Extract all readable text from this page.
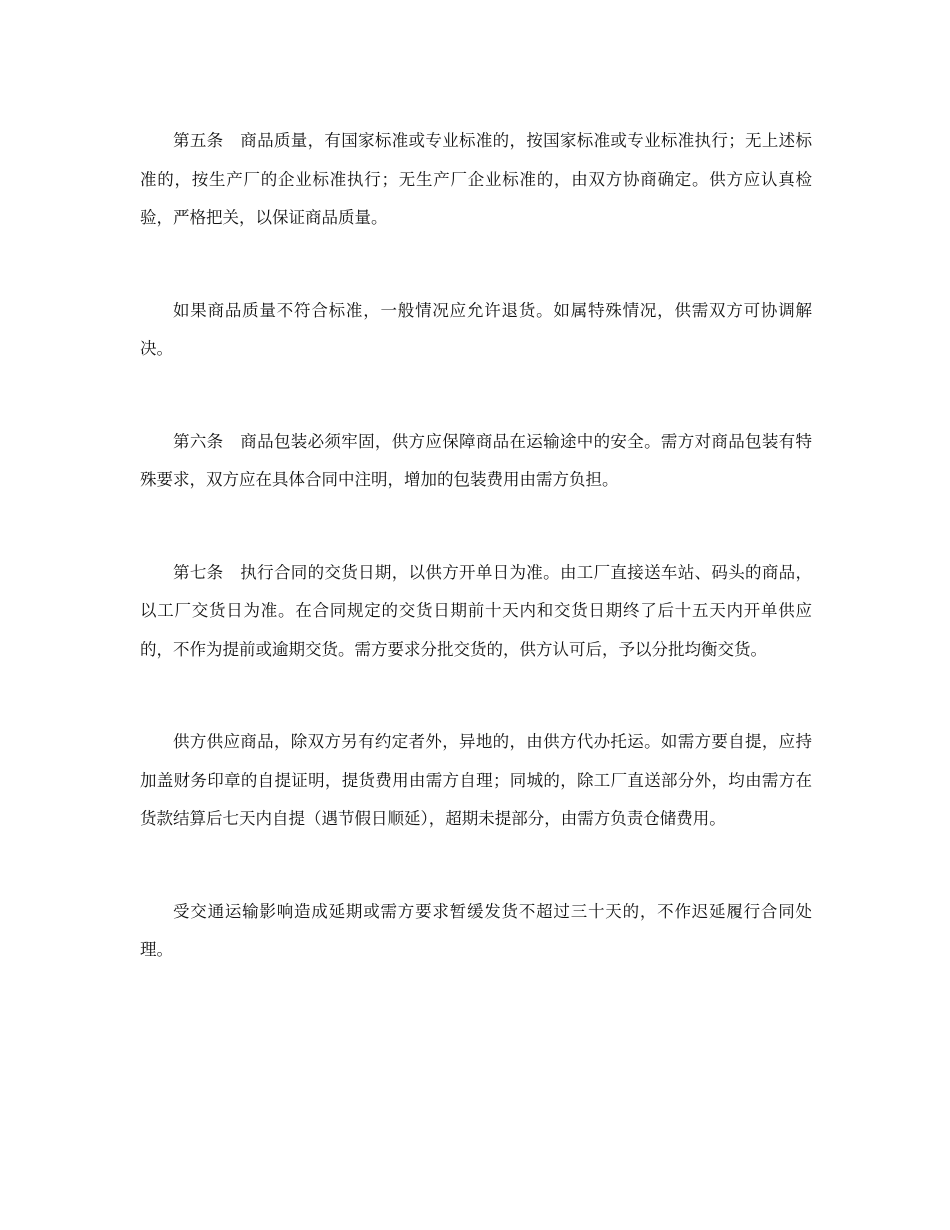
第五条　商品质量，有国家标准或专业标准的，按国家标准或专业标准执行；无上述标准的，按生产厂的企业标准执行；无生产厂企业标准的，由双方协商确定。供方应认真检验，严格把关，以保证商品质量。

如果商品质量不符合标准，一般情况应允许退货。如属特殊情况，供需双方可协调解决。

第六条　商品包装必须牢固，供方应保障商品在运输途中的安全。需方对商品包装有特殊要求，双方应在具体合同中注明，增加的包装费用由需方负担。

第七条　执行合同的交货日期，以供方开单日为准。由工厂直接送车站、码头的商品，以工厂交货日为准。在合同规定的交货日期前十天内和交货日期终了后十五天内开单供应的，不作为提前或逾期交货。需方要求分批交货的，供方认可后，予以分批均衡交货。

供方供应商品，除双方另有约定者外，异地的，由供方代办托运。如需方要自提，应持加盖财务印章的自提证明，提货费用由需方自理；同城的，除工厂直送部分外，均由需方在货款结算后七天内自提（遇节假日顺延），超期未提部分，由需方负责仓储费用。

受交通运输影响造成延期或需方要求暂缓发货不超过三十天的，不作迟延履行合同处理。
